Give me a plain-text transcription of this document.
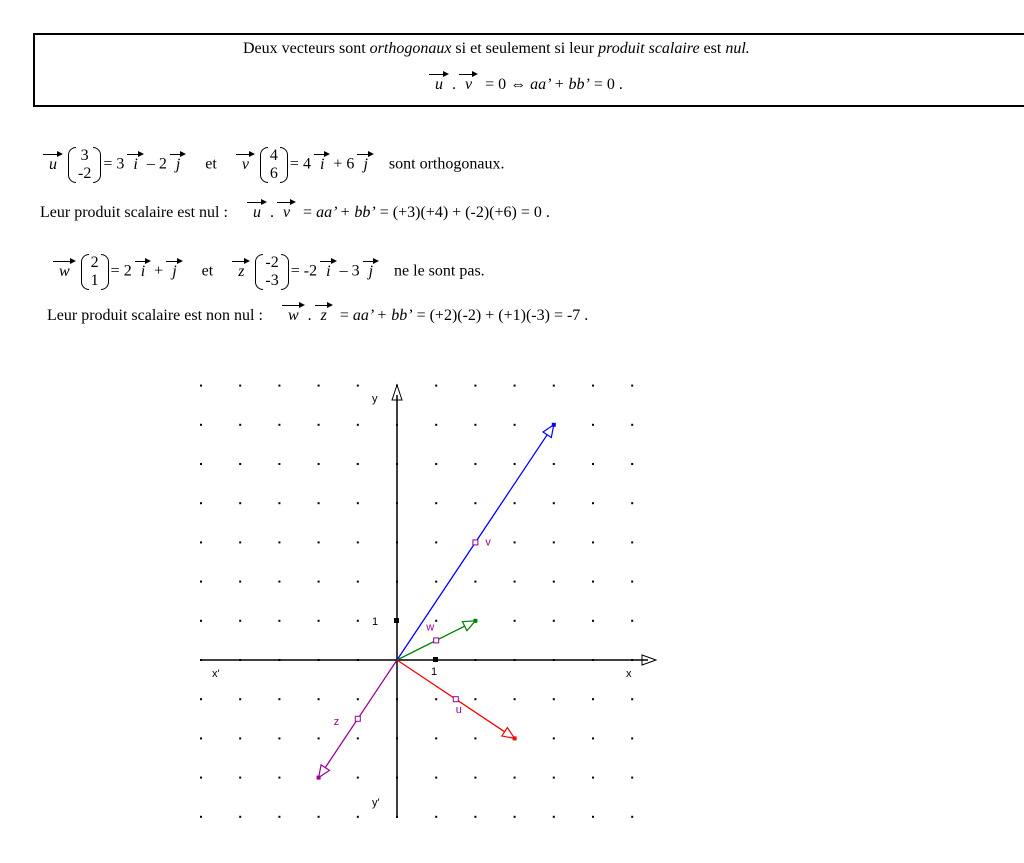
Deux vecteurs sont orthogonaux si et seulement si leur produit scalaire est nul.
u . v = 0 ⇔ aa’ + bb’ = 0 .
u
3
-2
= 3 i – 2 j et v
4
6
= 4 i + 6 j sont orthogonaux.
Leur produit scalaire est nul : u . v = aa’ + bb’ = (+3)(+4) + (-2)(+6) = 0 .
w
2
1
= 2 i + j et z
-2
-3
= -2 i – 3 j ne le sont pas.
Leur produit scalaire est non nul : w . z = aa’ + bb’ = (+2)(-2) + (+1)(-3) = -7 .
y
y'
x
x'	1
1
u
v
w
z
